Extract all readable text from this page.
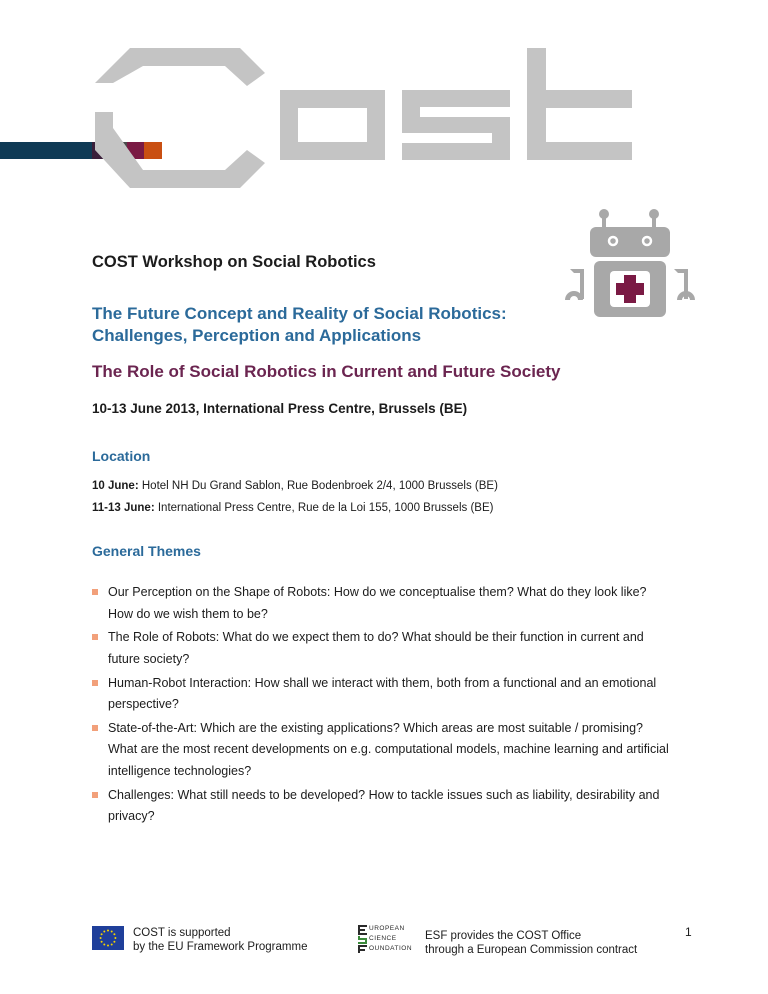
COST Workshop on Social Robotics
The Future Concept and Reality of Social Robotics:
Challenges, Perception and Applications
The Role of Social Robotics in Current and Future Society
10-13 June 2013, International Press Centre, Brussels (BE)
Location
10 June: Hotel NH Du Grand Sablon, Rue Bodenbroek 2/4, 1000 Brussels (BE)
11-13 June: International Press Centre, Rue de la Loi 155, 1000 Brussels (BE)
General Themes
Our Perception on the Shape of Robots: How do we conceptualise them? What do they look like?
How do we wish them to be?
The Role of Robots: What do we expect them to do? What should be their function in current and
future society?
Human-Robot Interaction: How shall we interact with them, both from a functional and an emotional
perspective?
State-of-the-Art: Which are the existing applications? Which areas are most suitable / promising?
What are the most recent developments on e.g. computational models, machine learning and artificial
intelligence technologies?
Challenges: What still needs to be developed? How to tackle issues such as liability, desirability and
privacy?
COST is supported
by the EU Framework Programme
UROPEAN
CIENCE
OUNDATION
ESF provides the COST Office
through a European Commission contract
1
